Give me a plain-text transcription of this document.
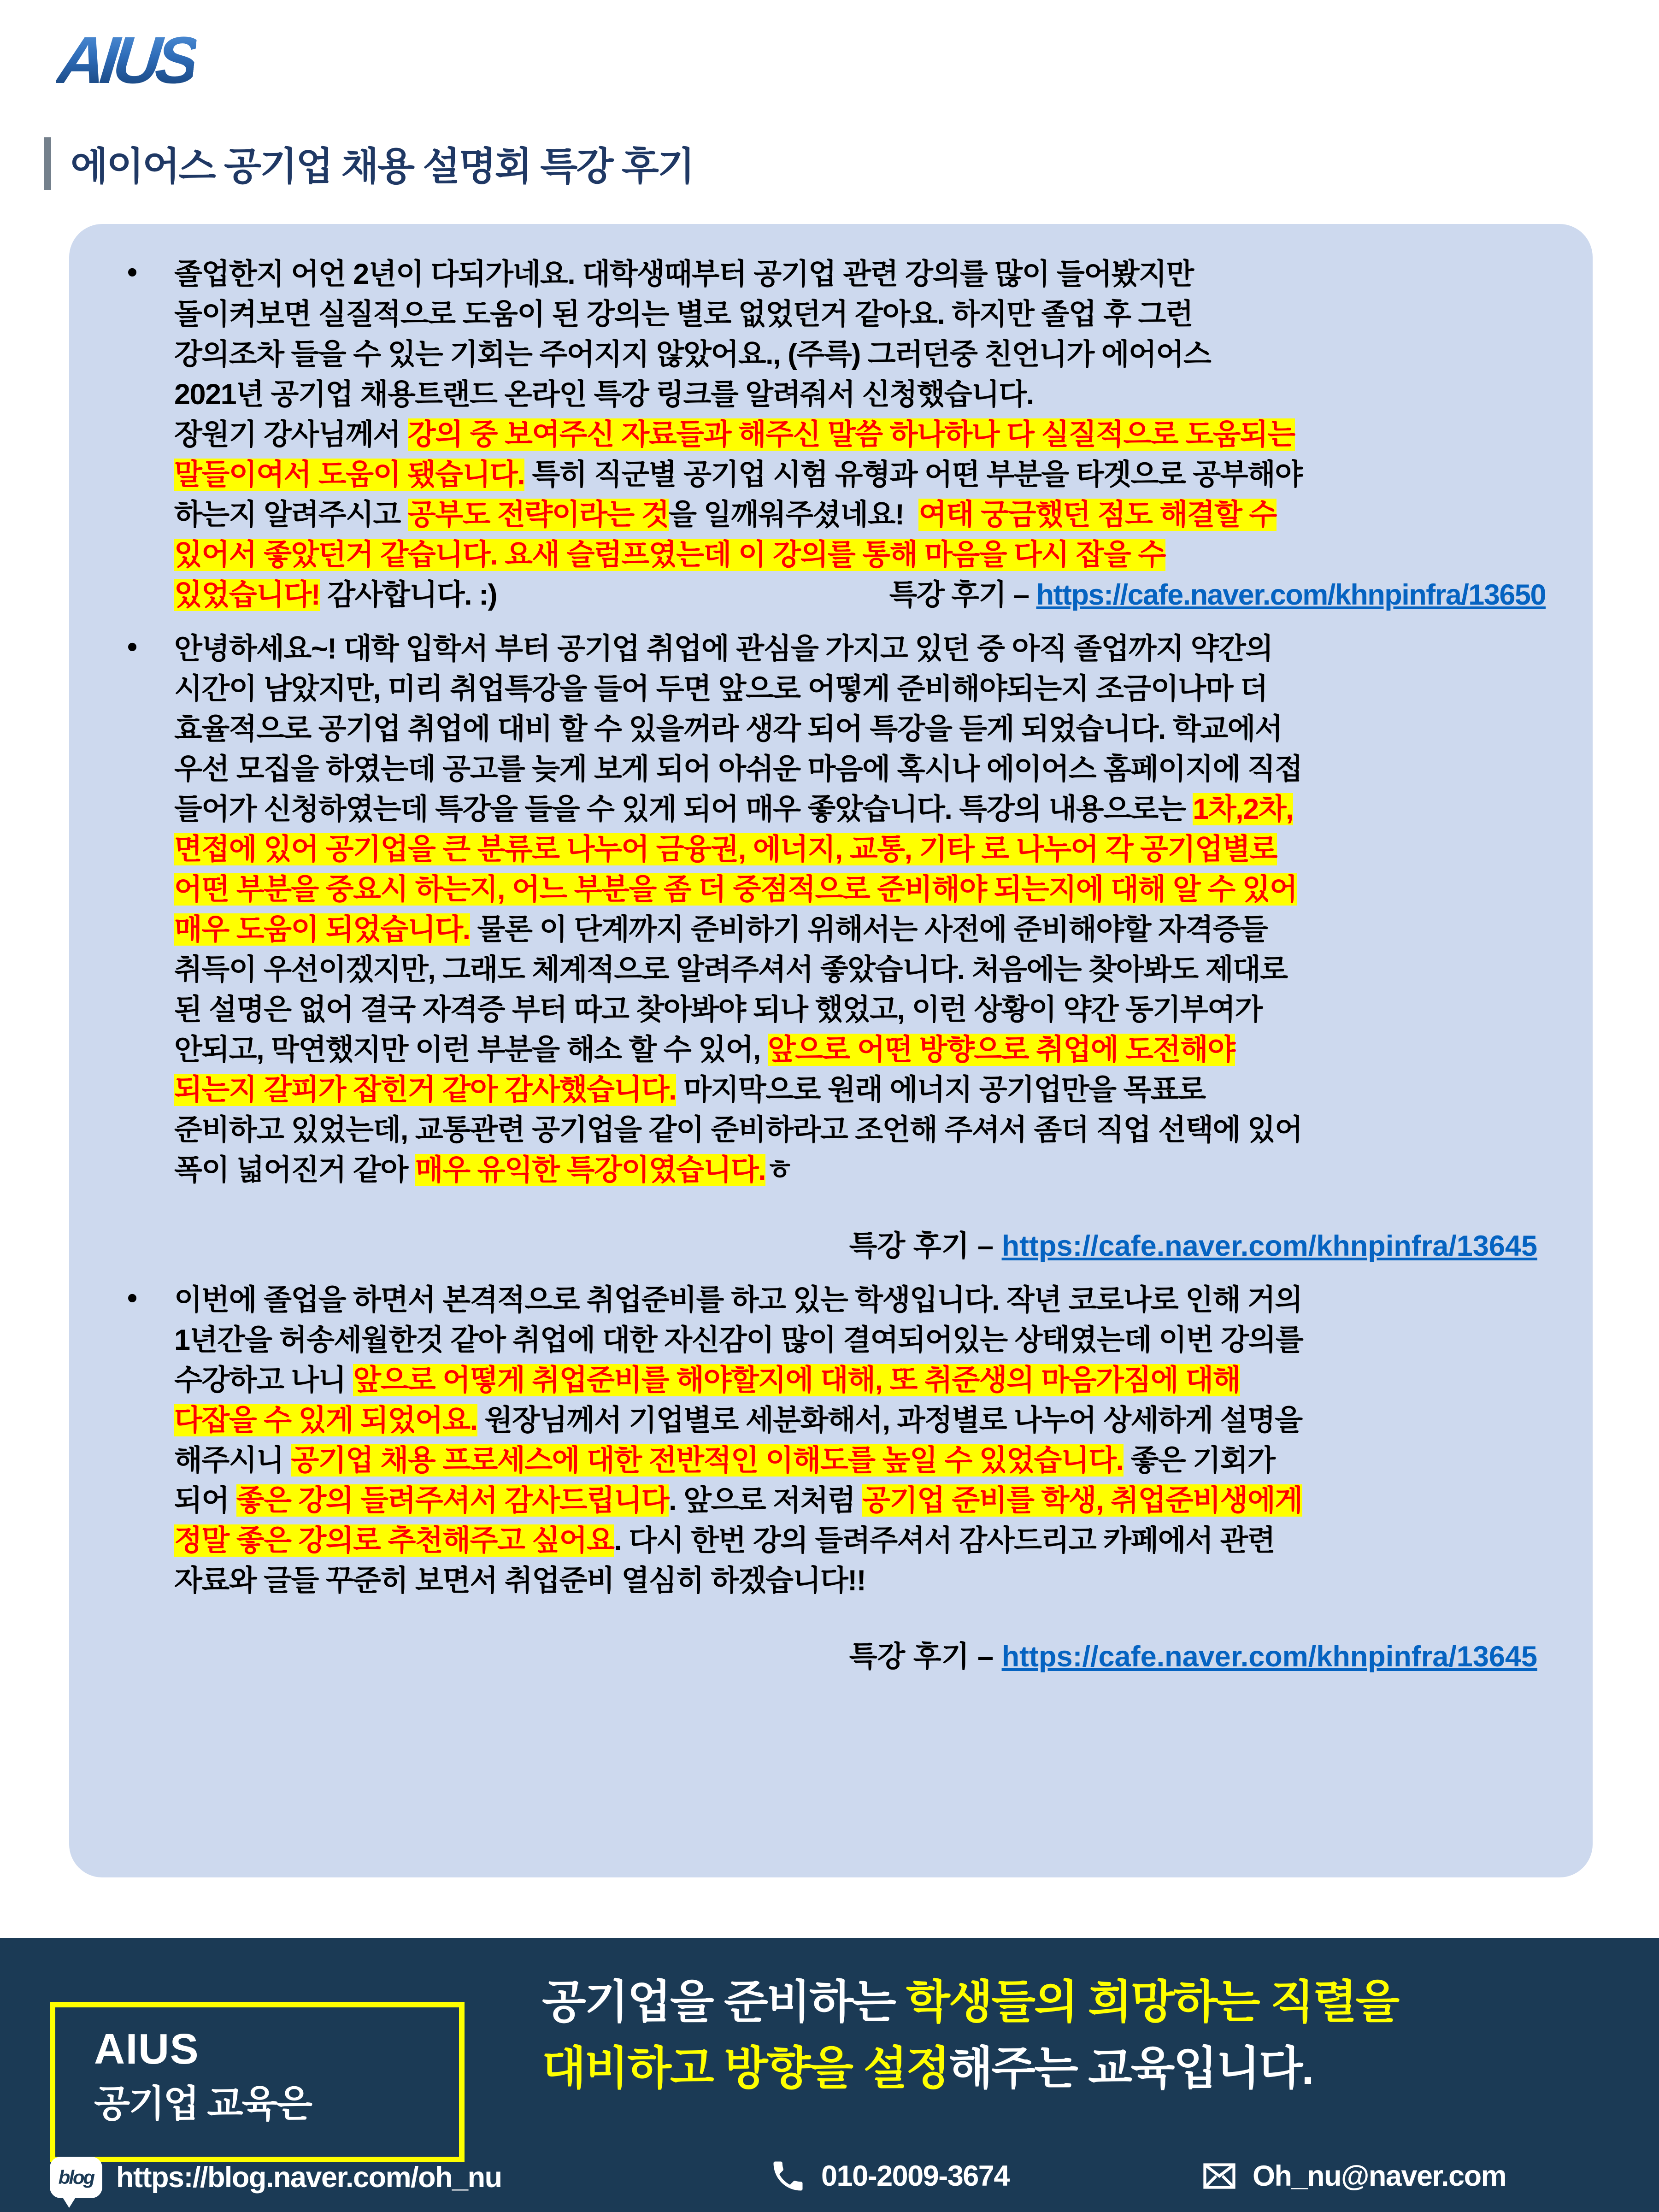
AIUS
에이어스 공기업 채용 설명회 특강 후기
•	졸업한지 어언 2년이 다되가네요. 대학생때부터 공기업 관련 강의를 많이 들어봤지만
돌이켜보면 실질적으로 도움이 된 강의는 별로 없었던거 같아요. 하지만 졸업 후 그런
강의조차 들을 수 있는 기회는 주어지지 않았어요., (주륵) 그러던중 친언니가 에어어스
2021년 공기업 채용트랜드 온라인 특강 링크를 알려줘서 신청했습니다.
장원기 강사님께서 강의 중 보여주신 자료들과 해주신 말씀 하나하나 다 실질적으로 도움되는
말들이여서 도움이 됐습니다. 특히 직군별 공기업 시험 유형과 어떤 부분을 타겟으로 공부해야
하는지 알려주시고 공부도 전략이라는 것을 일깨워주셨네요!  여태 궁금했던 점도 해결할 수
있어서 좋았던거 같습니다. 요새 슬럼프였는데 이 강의를 통해 마음을 다시 잡을 수
있었습니다! 감사합니다. :)	특강 후기 – https://cafe.naver.com/khnpinfra/13650
•	안녕하세요~! 대학 입학서 부터 공기업 취업에 관심을 가지고 있던 중 아직 졸업까지 약간의
시간이 남았지만, 미리 취업특강을 들어 두면 앞으로 어떻게 준비해야되는지 조금이나마 더
효율적으로 공기업 취업에 대비 할 수 있을꺼라 생각 되어 특강을 듣게 되었습니다. 학교에서
우선 모집을 하였는데 공고를 늦게 보게 되어 아쉬운 마음에 혹시나 에이어스 홈페이지에 직접
들어가 신청하였는데 특강을 들을 수 있게 되어 매우 좋았습니다. 특강의 내용으로는 1차,2차,
면접에 있어 공기업을 큰 분류로 나누어 금융권, 에너지, 교통, 기타 로 나누어 각 공기업별로
어떤 부분을 중요시 하는지, 어느 부분을 좀 더 중점적으로 준비해야 되는지에 대해 알 수 있어
매우 도움이 되었습니다. 물론 이 단계까지 준비하기 위해서는 사전에 준비해야할 자격증들
취득이 우선이겠지만, 그래도 체계적으로 알려주셔서 좋았습니다. 처음에는 찾아봐도 제대로
된 설명은 없어 결국 자격증 부터 따고 찾아봐야 되나 했었고, 이런 상황이 약간 동기부여가
안되고, 막연했지만 이런 부분을 해소 할 수 있어, 앞으로 어떤 방향으로 취업에 도전해야
되는지 갈피가 잡힌거 같아 감사했습니다. 마지막으로 원래 에너지 공기업만을 목표로
준비하고 있었는데, 교통관련 공기업을 같이 준비하라고 조언해 주셔서 좀더 직업 선택에 있어
폭이 넓어진거 같아 매우 유익한 특강이였습니다.ㅎ
특강 후기 – https://cafe.naver.com/khnpinfra/13645
•	이번에 졸업을 하면서 본격적으로 취업준비를 하고 있는 학생입니다. 작년 코로나로 인해 거의
1년간을 허송세월한것 같아 취업에 대한 자신감이 많이 결여되어있는 상태였는데 이번 강의를
수강하고 나니 앞으로 어떻게 취업준비를 해야할지에 대해, 또 취준생의 마음가짐에 대해
다잡을 수 있게 되었어요. 원장님께서 기업별로 세분화해서, 과정별로 나누어 상세하게 설명을
해주시니 공기업 채용 프로세스에 대한 전반적인 이해도를 높일 수 있었습니다. 좋은 기회가
되어 좋은 강의 들려주셔서 감사드립니다. 앞으로 저처럼 공기업 준비를 학생, 취업준비생에게
정말 좋은 강의로 추천해주고 싶어요. 다시 한번 강의 들려주셔서 감사드리고 카페에서 관련
자료와 글들 꾸준히 보면서 취업준비 열심히 하겠습니다!!
특강 후기 – https://cafe.naver.com/khnpinfra/13645
AIUS
공기업 교육은
공기업을 준비하는 학생들의 희망하는 직렬을
대비하고 방향을 설정해주는 교육입니다.
blog https://blog.naver.com/oh_nu	010-2009-3674	Oh_nu@naver.com
